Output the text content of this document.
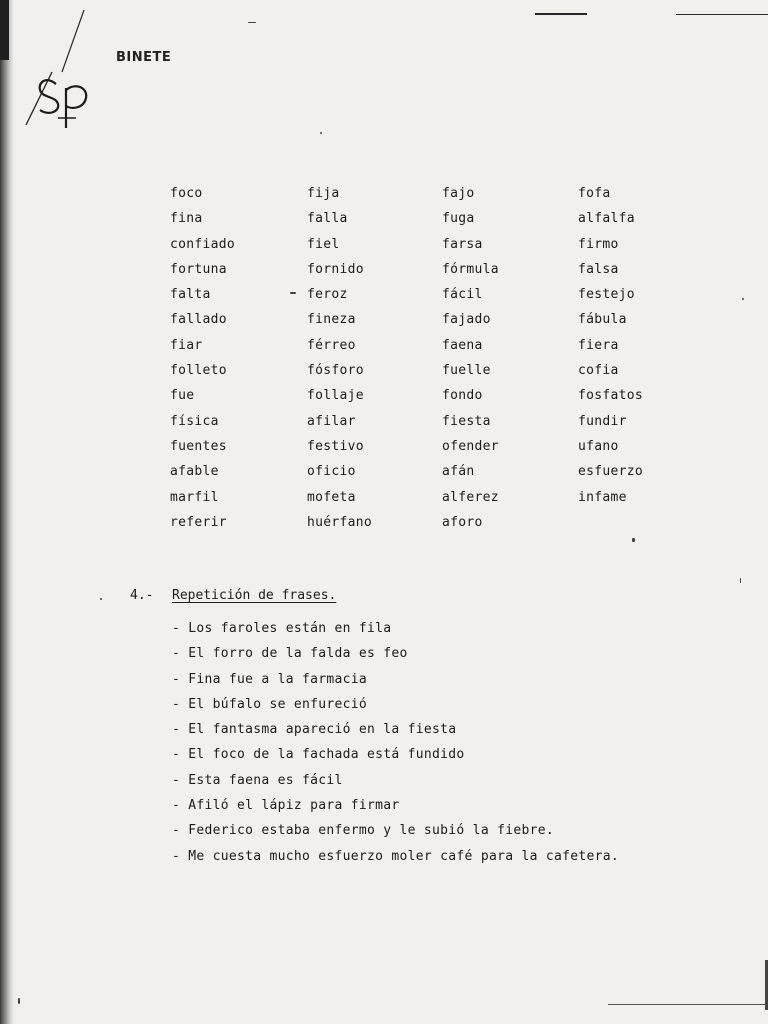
BINETE
foco	fija	fajo	fofa
fina	falla	fuga	alfalfa
confiado	fiel	farsa	firmo
fortuna	fornido	fórmula	falsa
falta	feroz	fácil	festejo
fallado	fineza	fajado	fábula
fiar	férreo	faena	fiera
folleto	fósforo	fuelle	cofia
fue	follaje	fondo	fosfatos
física	afilar	fiesta	fundir
fuentes	festivo	ofender	ufano
afable	oficio	afán	esfuerzo
marfil	mofeta	alferez	infame
referir	huérfano	aforo
4.- Repetición de frases.
- Los faroles están en fila
- El forro de la falda es feo
- Fina fue a la farmacia
- El búfalo se enfureció
- El fantasma apareció en la fiesta
- El foco de la fachada está fundido
- Esta faena es fácil
- Afiló el lápiz para firmar
- Federico estaba enfermo y le subió la fiebre.
- Me cuesta mucho esfuerzo moler café para la cafetera.
